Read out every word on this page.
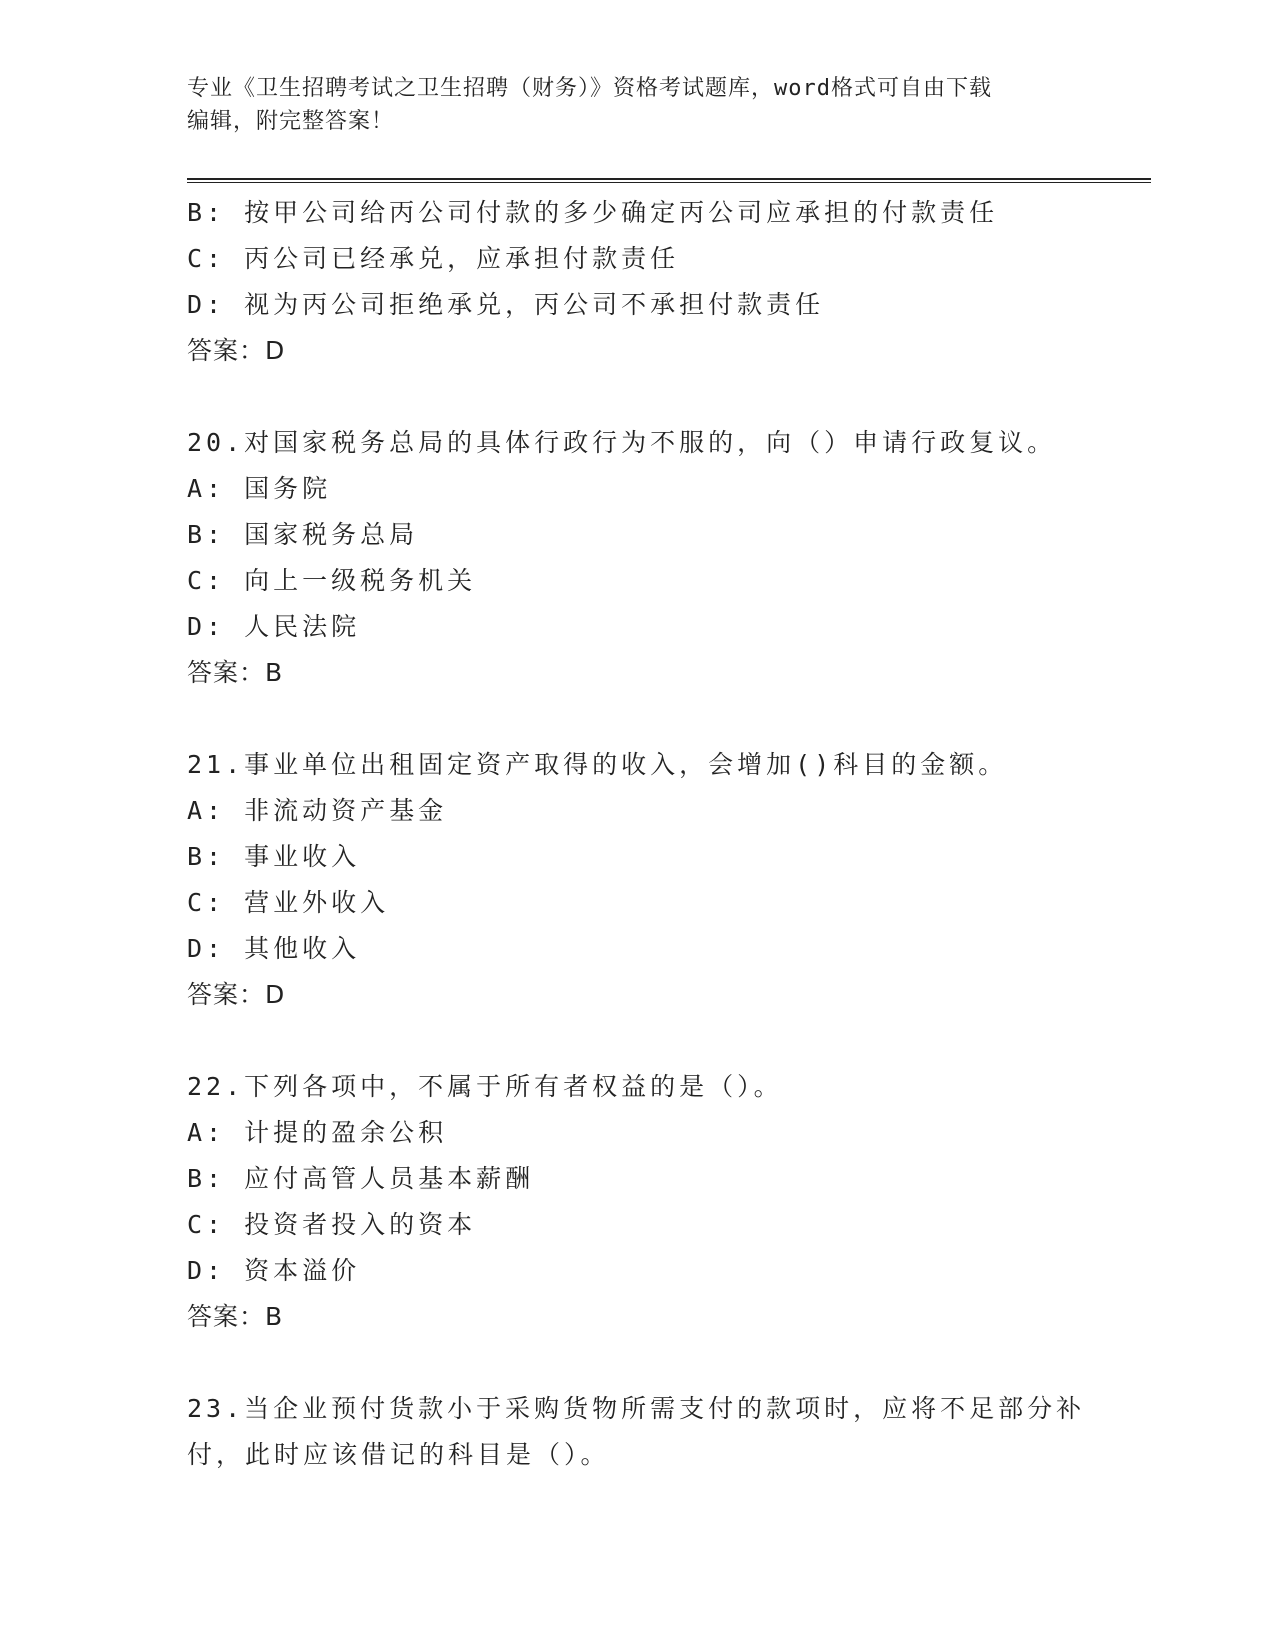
专业《卫生招聘考试之卫生招聘（财务）》资格考试题库，word格式可自由下载
编辑，附完整答案！
B: 按甲公司给丙公司付款的多少确定丙公司应承担的付款责任
C: 丙公司已经承兑，应承担付款责任
D: 视为丙公司拒绝承兑，丙公司不承担付款责任
答案：D
20.对国家税务总局的具体行政行为不服的，向（）申请行政复议。
A: 国务院
B: 国家税务总局
C: 向上一级税务机关
D: 人民法院
答案：B
21.事业单位出租固定资产取得的收入，会增加()科目的金额。
A: 非流动资产基金
B: 事业收入
C: 营业外收入
D: 其他收入
答案：D
22.下列各项中，不属于所有者权益的是（）。
A: 计提的盈余公积
B: 应付高管人员基本薪酬
C: 投资者投入的资本
D: 资本溢价
答案：B
23.当企业预付货款小于采购货物所需支付的款项时，应将不足部分补
付，此时应该借记的科目是（）。
